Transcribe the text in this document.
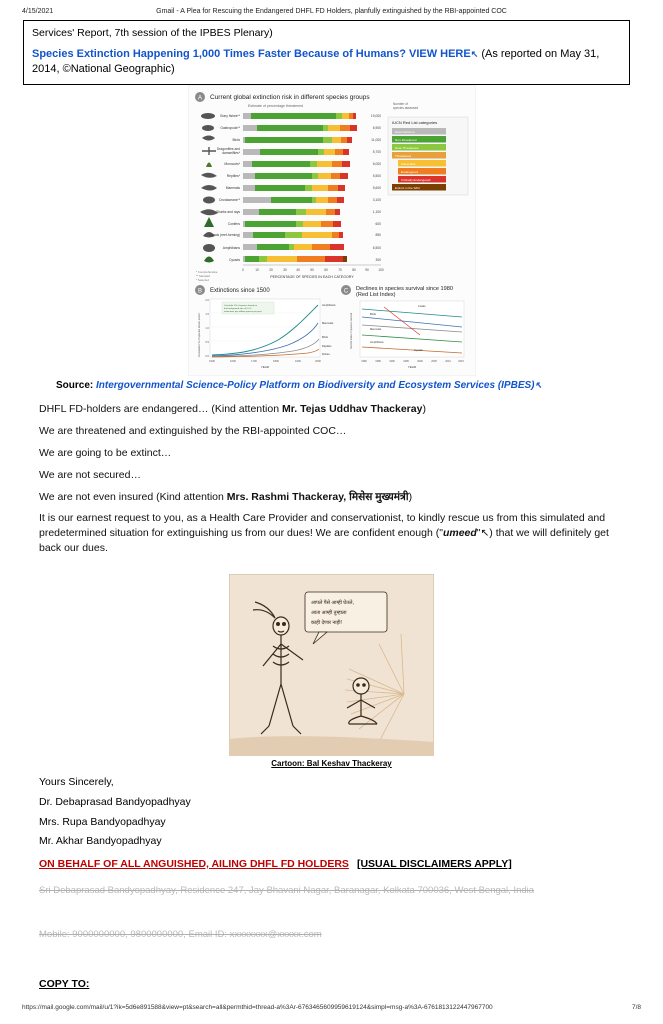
4/15/2021	Gmail - A Plea for Rescuing the Endangered DHFL FD Holders, planfully extinguished by the RBI-appointed COC
Services' Report, 7th session of the IPBES Plenary)
Species Extinction Happening 1,000 Times Faster Because of Humans? VIEW HERE↖ (As reported on May 31, 2014, ©National Geographic)
A Current global extinction risk in different species groups
Estimate of percentage threatened	Number of
species assessed
Bony fishes**	19,000
Gastropods**	6,900
Birds	11,000
Dragonflies and
damselflies*	5,700
Monocots*	6,000
Reptiles*	5,500
Mammals	5,600
Crustaceans**	3,100
Sharks and rays	1,100
Conifers	600
Corals (reef-forming)	850
Amphibians	6,500
Cycads	300
0	10	20	30	40	50	60	70	80	90	100
PERCENTAGE OF SPECIES IN EACH CATEGORY
* Comprehensive
** Sampled
* Selected
IUCN Red List categories
Data Deficient
Non-threatened
Near Threatened
Threatened
Vulnerable
Endangered
Critically Endangered
Extinct in the Wild
B Extinctions since 1500
Conclude 1% of species based on
the background rate of 0.1-2
extinctions per million species per year
2.0
1.5
1.0
0.5
0.0
1500	1600	1700	1800	1900	2000
YEAR
Cumulative % of species driven extinct
Amphibians
Mammals
Birds
Reptiles
Fishes
C Declines in species survival since 1980
(Red List Index)
Corals
Birds
Mammals
Amphibians
Cycads
1980	1985	1990	1995	2000	2005	2010	2015
YEAR
Red list index of species survival
Source: Intergovernmental Science-Policy Platform on Biodiversity and Ecosystem Services (IPBES)↖
DHFL FD-holders are endangered… (Kind attention Mr. Tejas Uddhav Thackeray)
We are threatened and extinguished by the RBI-appointed COC…
We are going to be extinct…
We are not secured…
We are not even insured (Kind attention Mrs. Rashmi Thackeray, मिसेस मुख्यमंत्री)
It is our earnest request to you, as a Health Care Provider and conservationist, to kindly rescue us from this simulated and predetermined situation for extinguishing us from our dues! We are confident enough ("umeed"↖) that we will definitely get back our dues.
आपले पैसे आम्ही घेतले,
आता आम्ही तुम्हाला
काही देणार नाही!
Cartoon: Bal Keshav Thackeray
Yours Sincerely,
Dr. Debaprasad Bandyopadhyay
Mrs. Rupa Bandyopadhyay
Mr. Akhar Bandyopadhyay
ON BEHALF OF ALL ANGUISHED, AILING DHFL FD HOLDERS [USUAL DISCLAIMERS APPLY]
Sri Debaprasad Bandyopadhyay, Residence 247, Jay Bhavani Nagar, Baranagar, Kolkata 700036, West Bengal, India
Mobile: 9000000000, 9800000000, Email ID: xxxxxxxx@xxxxx.com
COPY TO:
https://mail.google.com/mail/u/1?ik=5d6e891588&view=pt&search=all&permthid=thread-a%3Ar-6763465609959619124&simpl=msg-a%3A-6761813122447967700	7/8
